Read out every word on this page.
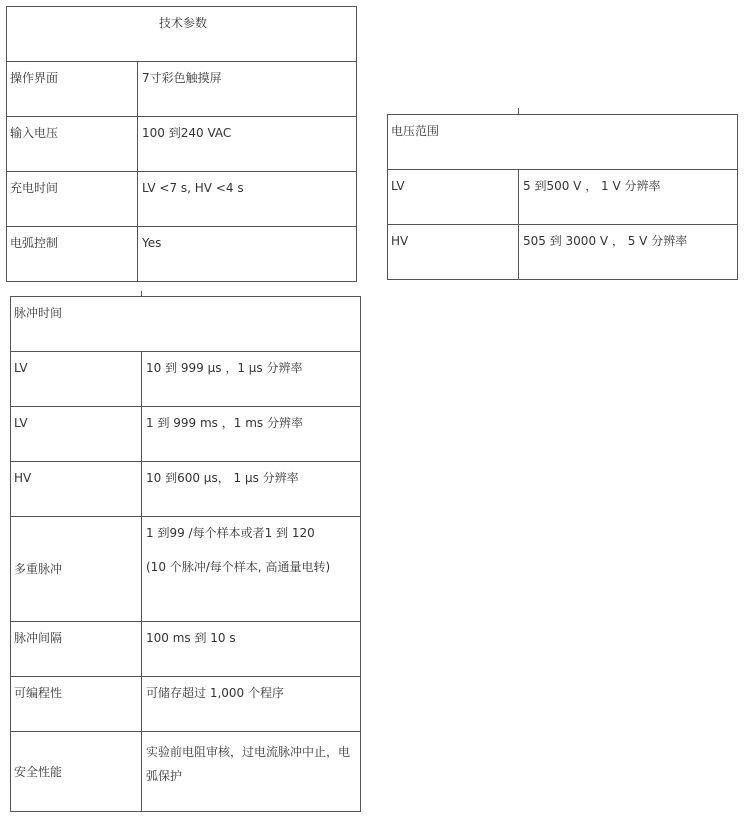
技术参数	
操作界面	7寸彩色触摸屏
输入电压	100 到240 VAC
充电时间	LV <7 s, HV <4 s
电弧控制	Yes
电压范围	
LV	5 到500 V ， 1 V 分辨率
HV	505 到 3000 V ， 5 V 分辨率
脉冲时间	
LV	10 到 999 μs ，1 μs 分辨率
LV	1 到 999 ms ，1 ms 分辨率
HV	10 到600 μs， 1 μs 分辨率
多重脉冲	1 到99 /每个样本或者1 到 120
(10 个脉冲/每个样本, 高通量电转)

脉冲间隔	100 ms 到 10 s
可编程性	可储存超过 1,000 个程序
安全性能	实验前电阻审核，过电流脉冲中止，电
弧保护
